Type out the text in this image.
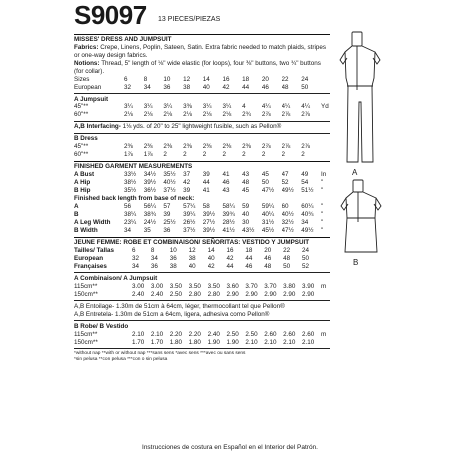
S9097 13 PIECES/PIEZAS
MISSES' DRESS AND JUMPSUIT

Fabrics: Crepe, Linens, Poplin, Sateen, Satin. Extra fabric needed to match plaids, stripes or one-way design fabrics.

Notions: Thread, 5" length of ⅛" wide elastic (for loops), four ⅜" buttons, two ¾" buttons (for collar).

Sizes	6	8	10	12	14	16	18	20	22	24	
European	32	34	36	38	40	42	44	46	48	50	
A Jumpsuit
45"**	3¼	3¼	3¼	3⅜	3¼	3¼	4	4¼	4¼	4¼	Yd
60"**	2⅛	2⅛	2⅛	2⅛	2⅛	2⅛	2¾	2⅞	2⅞	2⅞	
A,B Interfacing- 1⅛ yds. of 20" to 25" lightweight fusible, such as Pellon®
B Dress
45"**	2⅜	2⅜	2⅜	2⅜	2⅜	2⅜	2⅜	2⅞	2⅞	2⅞	
60"**	1⅞	1⅞	2	2	2	2	2	2	2	2	
FINISHED GARMENT MEASUREMENTS
A Bust	33½	34½	35½	37	39	41	43	45	47	49	In
A Hip	38½	39½	40½	42	44	46	48	50	52	54	"
B Hip	35½	36½	37½	39	41	43	45	47½	49½	51½	"
Finished back length from base of neck:
A	56	56¼	57	57¼	58	58¼	59	59¼	60	60¼	"
B	38¼	38¾	39	39¼	39½	39¾	40	40¼	40½	40¾	"
A Leg Width	23¼	24½	25½	26½	27½	28½	30	31½	32½	34	"
B Width	34	35	36	37½	39½	41½	43½	45½	47½	49½	"
JEUNE FEMME: ROBE ET COMBINAISON/ SEÑORITAS: VESTIDO Y JUMPSUIT
Tailles/ Tallas	6	8	10	12	14	16	18	20	22	24	
European	32	34	36	38	40	42	44	46	48	50	
Françaises	34	36	38	40	42	44	46	48	50	52	
A Combinaison/ A Jumpsuit
115cm**	3.00	3.00	3.50	3.50	3.50	3.60	3.70	3.70	3.80	3.90	m
150cm**	2.40	2.40	2.50	2.80	2.80	2.90	2.90	2.90	2.90	2.90	
A,B Entoilage- 1.30m de 51cm à 64cm, léger, thermocollant tel que Pellon®
A,B Entretela- 1.30m de 51cm a 64cm, ligera, adhesiva como Pellon®
B Robe/ B Vestido
115cm**	2.10	2.10	2.20	2.20	2.40	2.50	2.50	2.60	2.60	2.60	m
150cm**	1.70	1.70	1.80	1.80	1.90	1.90	2.10	2.10	2.10	2.10	
*without nap **with or without nap ***sans sens *avec sens ***avec ou sans sens
*sin pelusa **con pelusa ***con o sin pelusa
A
B
Instrucciones de costura en Español en el Interior del Patrón.
